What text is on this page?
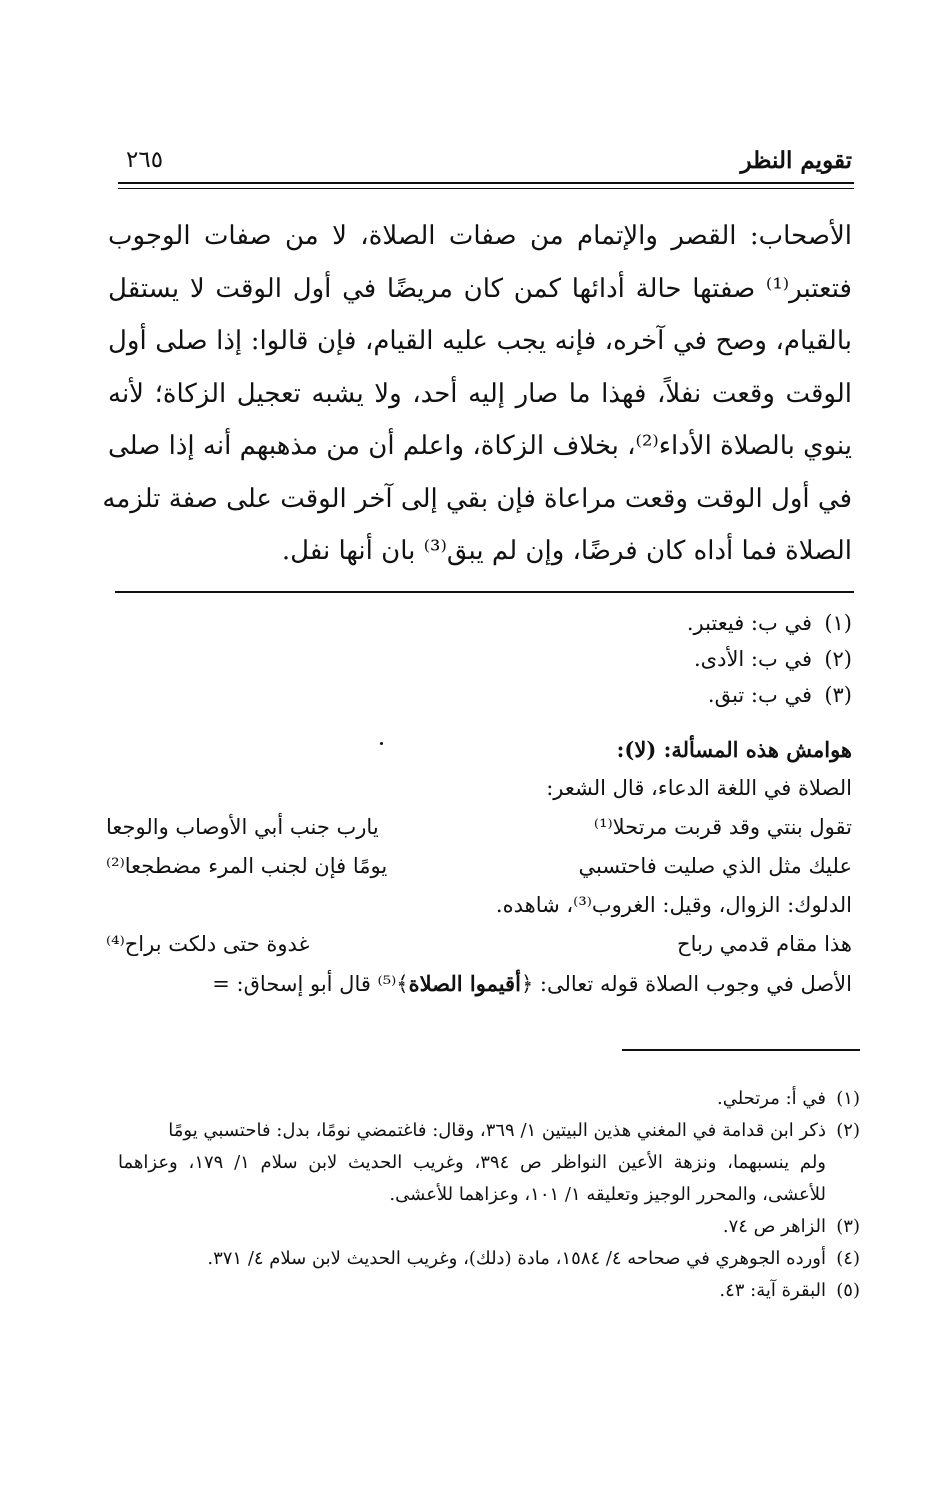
تقويم النظر
٢٦٥
الأصحاب: القصر والإتمام من صفات الصلاة، لا من صفات الوجوب
فتعتبر⁽¹⁾ صفتها حالة أدائها كمن كان مريضًا في أول الوقت لا يستقل
بالقيام، وصح في آخره، فإنه يجب عليه القيام، فإن قالوا: إذا صلى أول
الوقت وقعت نفلاً، فهذا ما صار إليه أحد، ولا يشبه تعجيل الزكاة؛ لأنه
ينوي بالصلاة الأداء⁽²⁾، بخلاف الزكاة، واعلم أن من مذهبهم أنه إذا صلى
في أول الوقت وقعت مراعاة فإن بقي إلى آخر الوقت على صفة تلزمه
الصلاة فما أداه كان فرضًا، وإن لم يبق⁽³⁾ بان أنها نفل.
(١)في ب: فيعتبر.
(٢)في ب: الأدى.
(٣)في ب: تبق.
هوامش هذه المسألة: (لا):
الصلاة في اللغة الدعاء، قال الشعر:
تقول بنتي وقد قربت مرتحلا⁽¹⁾
يارب جنب أبي الأوصاب والوجعا
عليك مثل الذي صليت فاحتسبي
يومًا فإن لجنب المرء مضطجعا⁽²⁾
الدلوك: الزوال، وقيل: الغروب⁽³⁾، شاهده.
هذا مقام قدمي رباح
غدوة حتى دلكت براح⁽⁴⁾
الأصل في وجوب الصلاة قوله تعالى: ﴿أقيموا الصلاة﴾⁽⁵⁾ قال أبو إسحاق: =
(١)في أ: مرتحلي.
(٢)ذكر ابن قدامة في المغني هذين البيتين ١/ ٣٦٩، وقال: فاغتمضي نومًا، بدل: فاحتسبي يومًا
ولم ينسبهما، ونزهة الأعين النواظر ص ٣٩٤، وغريب الحديث لابن سلام ١/ ١٧٩، وعزاهما
للأعشى، والمحرر الوجيز وتعليقه ١/ ١٠١، وعزاهما للأعشى.
(٣)الزاهر ص ٧٤.
(٤)أورده الجوهري في صحاحه ٤/ ١٥٨٤، مادة (دلك)، وغريب الحديث لابن سلام ٤/ ٣٧١.
(٥)البقرة آية: ٤٣.
